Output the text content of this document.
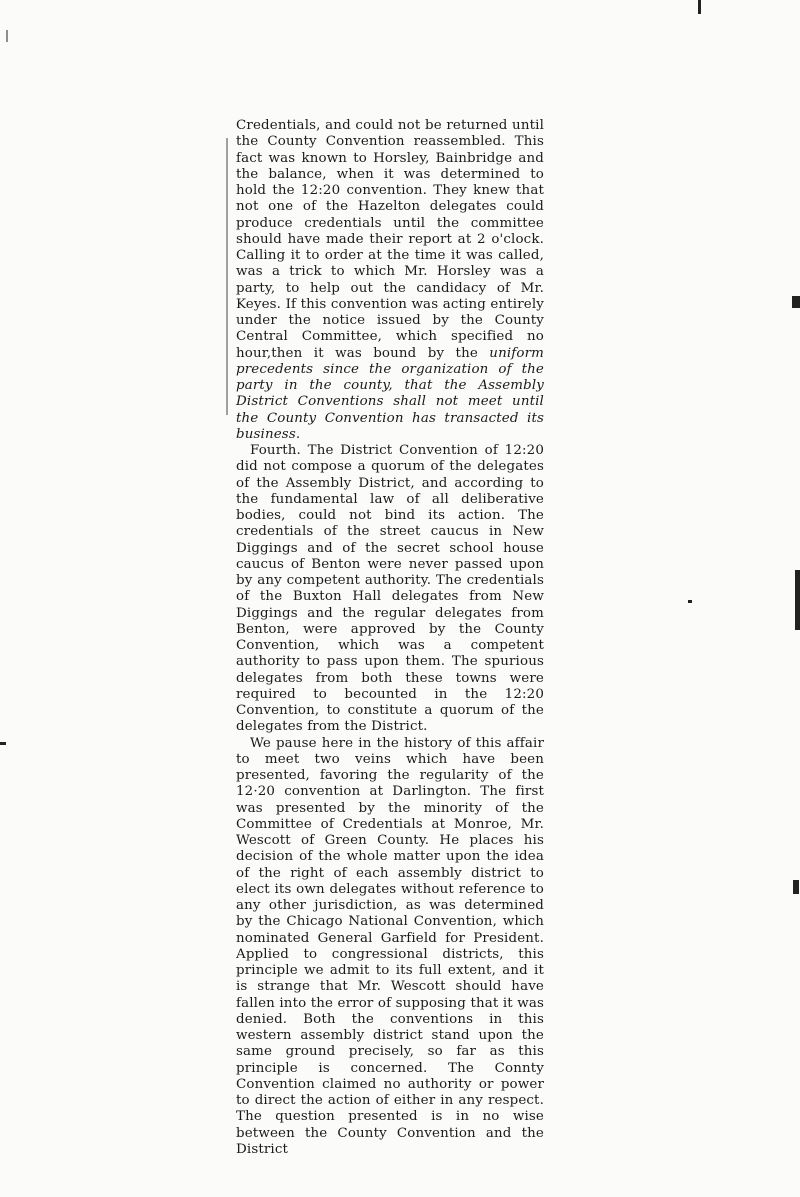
Credentials, and could not be returned until the County Convention reassembled. This fact was known to Horsley, Bainbridge and the balance, when it was determined to hold the 12:20 convention. They knew that not one of the Hazelton delegates could produce credentials until the committee should have made their report at 2 o'clock. Calling it to order at the time it was called, was a trick to which Mr. Horsley was a party, to help out the candidacy of Mr. Keyes. If this convention was acting entirely under the notice issued by the County Central Committee, which specified no hour,then it was bound by the uniform precedents since the organization of the party in the county, that the Assembly District Conventions shall not meet until the County Convention has transacted its business.

Fourth. The District Convention of 12:20 did not compose a quorum of the delegates of the Assembly District, and according to the fundamental law of all deliberative bodies, could not bind its action. The credentials of the street caucus in New Diggings and of the secret school house caucus of Benton were never passed upon by any competent authority. The credentials of the Buxton Hall delegates from New Diggings and the regular delegates from Benton, were approved by the County Convention, which was a competent authority to pass upon them. The spurious delegates from both these towns were required to becounted in the 12:20 Convention, to constitute a quorum of the delegates from the District.

We pause here in the history of this affair to meet two veins which have been presented, favoring the regularity of the 12·20 convention at Darlington. The first was presented by the minority of the Committee of Credentials at Monroe, Mr. Wescott of Green County. He places his decision of the whole matter upon the idea of the right of each assembly district to elect its own delegates without reference to any other jurisdiction, as was determined by the Chicago National Convention, which nominated General Garfield for President. Applied to congressional districts, this principle we admit to its full extent, and it is strange that Mr. Wescott should have fallen into the error of supposing that it was denied. Both the conventions in this western assembly district stand upon the same ground precisely, so far as this principle is concerned. The Connty Convention claimed no authority or power to direct the action of either in any respect. The question presented is in no wise between the County Convention and the District
